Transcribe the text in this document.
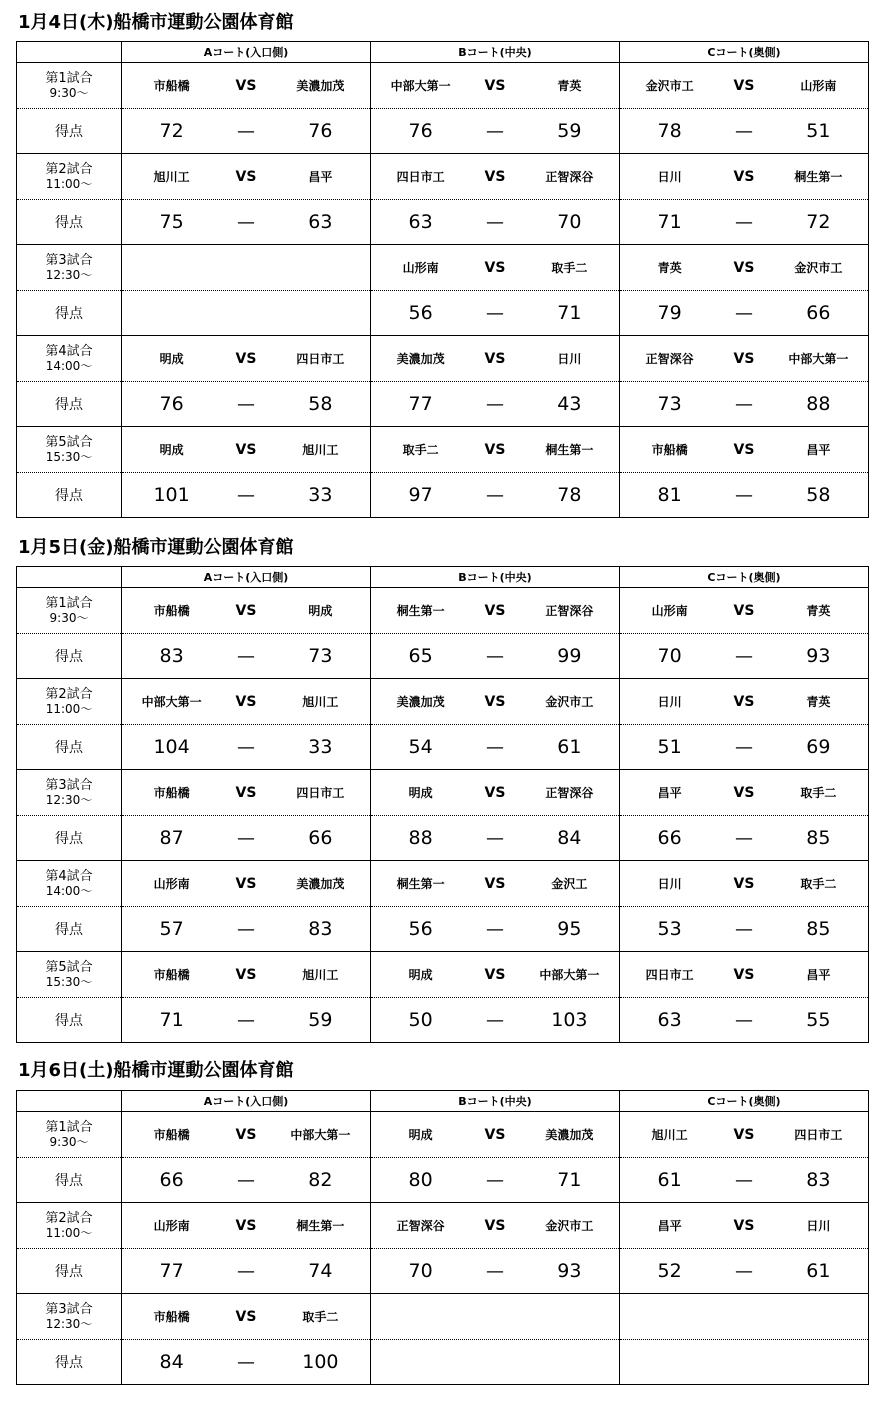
1月4日(木)船橋市運動公園体育館
	Aコート(入口側)	Bコート(中央)	Cコート(奥側)

第1試合
9:30〜	市船橋 VS 美濃加茂	中部大第一 VS 青英	金沢市工 VS 山形南

得点	72 — 76	76 — 59	78 — 51

第2試合
11:00〜	旭川工 VS 昌平	四日市工 VS 正智深谷	日川 VS 桐生第一

得点	75 — 63	63 — 70	71 — 72

第3試合
12:30〜		山形南 VS 取手二	青英 VS 金沢市工

得点		56 — 71	79 — 66

第4試合
14:00〜	明成 VS 四日市工	美濃加茂 VS 日川	正智深谷 VS 中部大第一

得点	76 — 58	77 — 43	73 — 88

第5試合
15:30〜	明成 VS 旭川工	取手二 VS 桐生第一	市船橋 VS 昌平

得点	101 — 33	97 — 78	81 — 58
1月5日(金)船橋市運動公園体育館
	Aコート(入口側)	Bコート(中央)	Cコート(奥側)

第1試合
9:30〜	市船橋 VS 明成	桐生第一 VS 正智深谷	山形南 VS 青英

得点	83 — 73	65 — 99	70 — 93

第2試合
11:00〜	中部大第一 VS 旭川工	美濃加茂 VS 金沢市工	日川 VS 青英

得点	104 — 33	54 — 61	51 — 69

第3試合
12:30〜	市船橋 VS 四日市工	明成 VS 正智深谷	昌平 VS 取手二

得点	87 — 66	88 — 84	66 — 85

第4試合
14:00〜	山形南 VS 美濃加茂	桐生第一 VS 金沢工	日川 VS 取手二

得点	57 — 83	56 — 95	53 — 85

第5試合
15:30〜	市船橋 VS 旭川工	明成 VS 中部大第一	四日市工 VS 昌平

得点	71 — 59	50 — 103	63 — 55
1月6日(土)船橋市運動公園体育館
	Aコート(入口側)	Bコート(中央)	Cコート(奥側)

第1試合
9:30〜	市船橋 VS 中部大第一	明成 VS 美濃加茂	旭川工 VS 四日市工

得点	66 — 82	80 — 71	61 — 83

第2試合
11:00〜	山形南 VS 桐生第一	正智深谷 VS 金沢市工	昌平 VS 日川

得点	77 — 74	70 — 93	52 — 61

第3試合
12:30〜	市船橋 VS 取手二		

得点	84 — 100		
